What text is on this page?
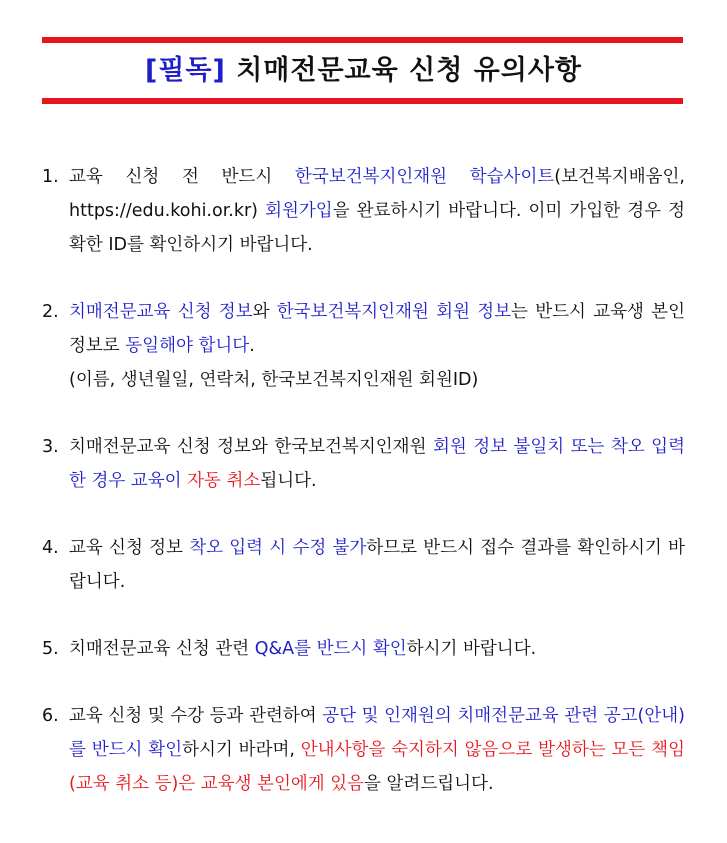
[필독] 치매전문교육 신청 유의사항
1. 교육 신청 전 반드시 한국보건복지인재원 학습사이트(보건복지배움인, https://edu.kohi.or.kr) 회원가입을 완료하시기 바랍니다. 이미 가입한 경우 정확한 ID를 확인하시기 바랍니다.
2. 치매전문교육 신청 정보와 한국보건복지인재원 회원 정보는 반드시 교육생 본인 정보로 동일해야 합니다.
(이름, 생년월일, 연락처, 한국보건복지인재원 회원ID)
3. 치매전문교육 신청 정보와 한국보건복지인재원 회원 정보 불일치 또는 착오 입력한 경우 교육이 자동 취소됩니다.
4. 교육 신청 정보 착오 입력 시 수정 불가하므로 반드시 접수 결과를 확인하시기 바랍니다.
5. 치매전문교육 신청 관련 Q&A를 반드시 확인하시기 바랍니다.
6. 교육 신청 및 수강 등과 관련하여 공단 및 인재원의 치매전문교육 관련 공고(안내)를 반드시 확인하시기 바라며, 안내사항을 숙지하지 않음으로 발생하는 모든 책임(교육 취소 등)은 교육생 본인에게 있음을 알려드립니다.
